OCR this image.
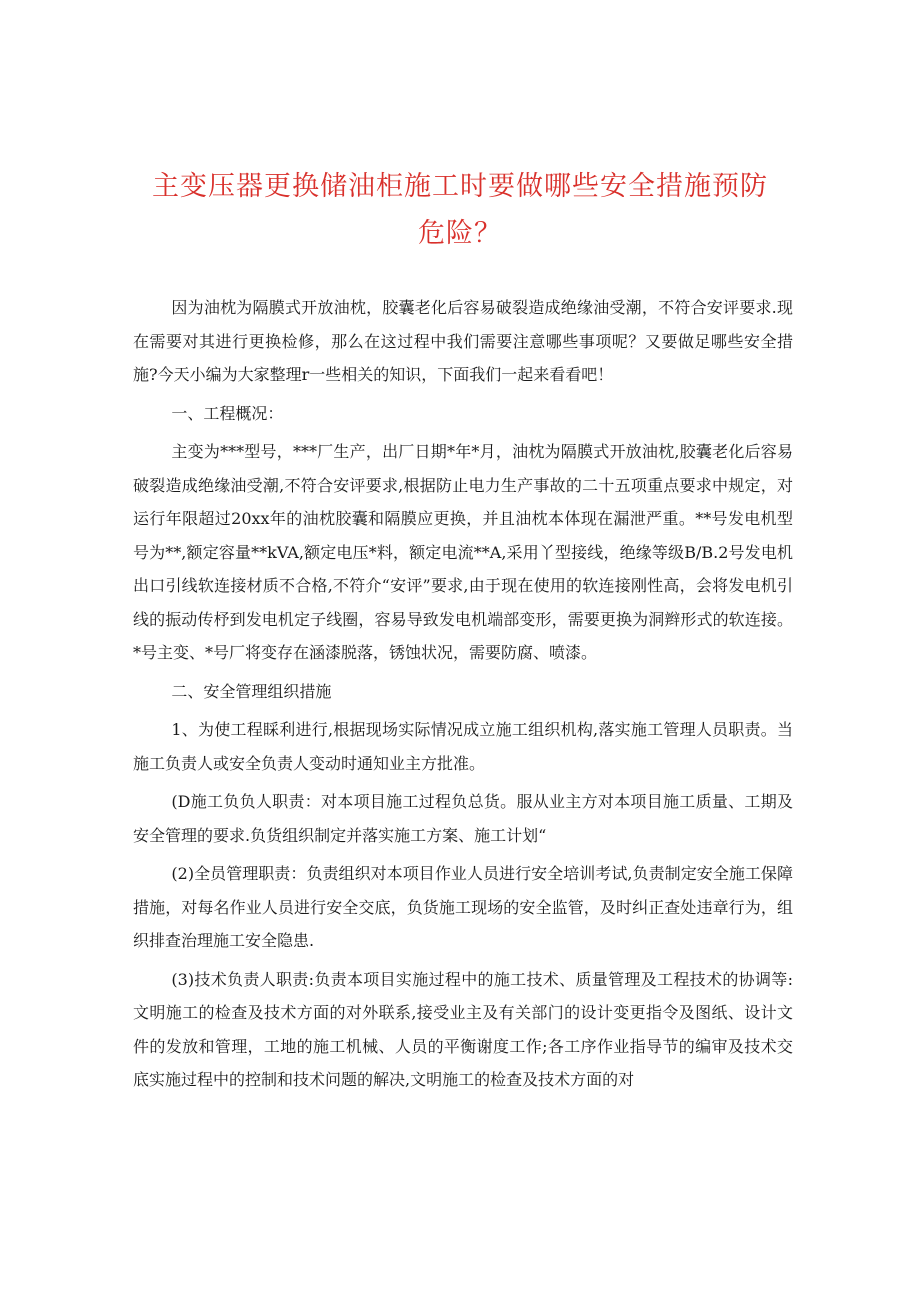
主变压器更换储油柜施工时要做哪些安全措施预防危险？

因为油枕为隔膜式开放油枕，胶囊老化后容易破裂造成绝缘油受潮，不符合安评要求.现在需要对其进行更换检修，那么在这过程中我们需要注意哪些事项呢？又要做足哪些安全措施?今天小编为大家整理r一些相关的知识，下面我们一起来看看吧！

一、工程概况：

主变为***型号，***厂生产，出厂日期*年*月，油枕为隔膜式开放油枕,胶囊老化后容易破裂造成绝缘油受潮,不符合安评要求,根据防止电力生产事故的二十五项重点要求中规定，对运行年限超过20xx年的油枕胶囊和隔膜应更换，并且油枕本体现在漏泄严重。**号发电机型号为**,额定容量**kVA,额定电压*料，额定电流**A,采用丫型接线，绝缘等级B/B.2号发电机出口引线软连接材质不合格,不符介“安评”要求,由于现在使用的软连接刚性高，会将发电机引线的振动传杼到发电机定子线圈，容易导致发电机端部变形，需要更换为洞辫形式的软连接。*号主变、*号厂将变存在涵漆脱落，锈蚀状况，需要防腐、喷漆。

二、安全管理组织措施

1、为使工程睬利进行,根据现场实际情况成立施工组织机构,落实施工管理人员职责。当施工负责人或安全负责人变动时通知业主方批准。

(D施工负负人职责：对本项目施工过程负总货。服从业主方对本项目施工质量、工期及安全管理的要求.负货组织制定并落实施工方案、施工计划“

(2)全员管理职责：负责组织对本项目作业人员进行安全培训考试,负责制定安全施工保障措施，对每名作业人员进行安全交底，负货施工现场的安全监管，及时纠正查处违章行为，组织排查治理施工安全隐患.

(3)技术负责人职责:负责本项目实施过程中的施工技术、质量管理及工程技术的协调等:文明施工的检查及技术方面的对外联系,接受业主及有关部门的设计变更指令及图纸、设计文件的发放和管理，工地的施工机械、人员的平衡谢度工作;各工序作业指导节的编审及技术交底实施过程中的控制和技术问题的解决,文明施工的检查及技术方面的对
